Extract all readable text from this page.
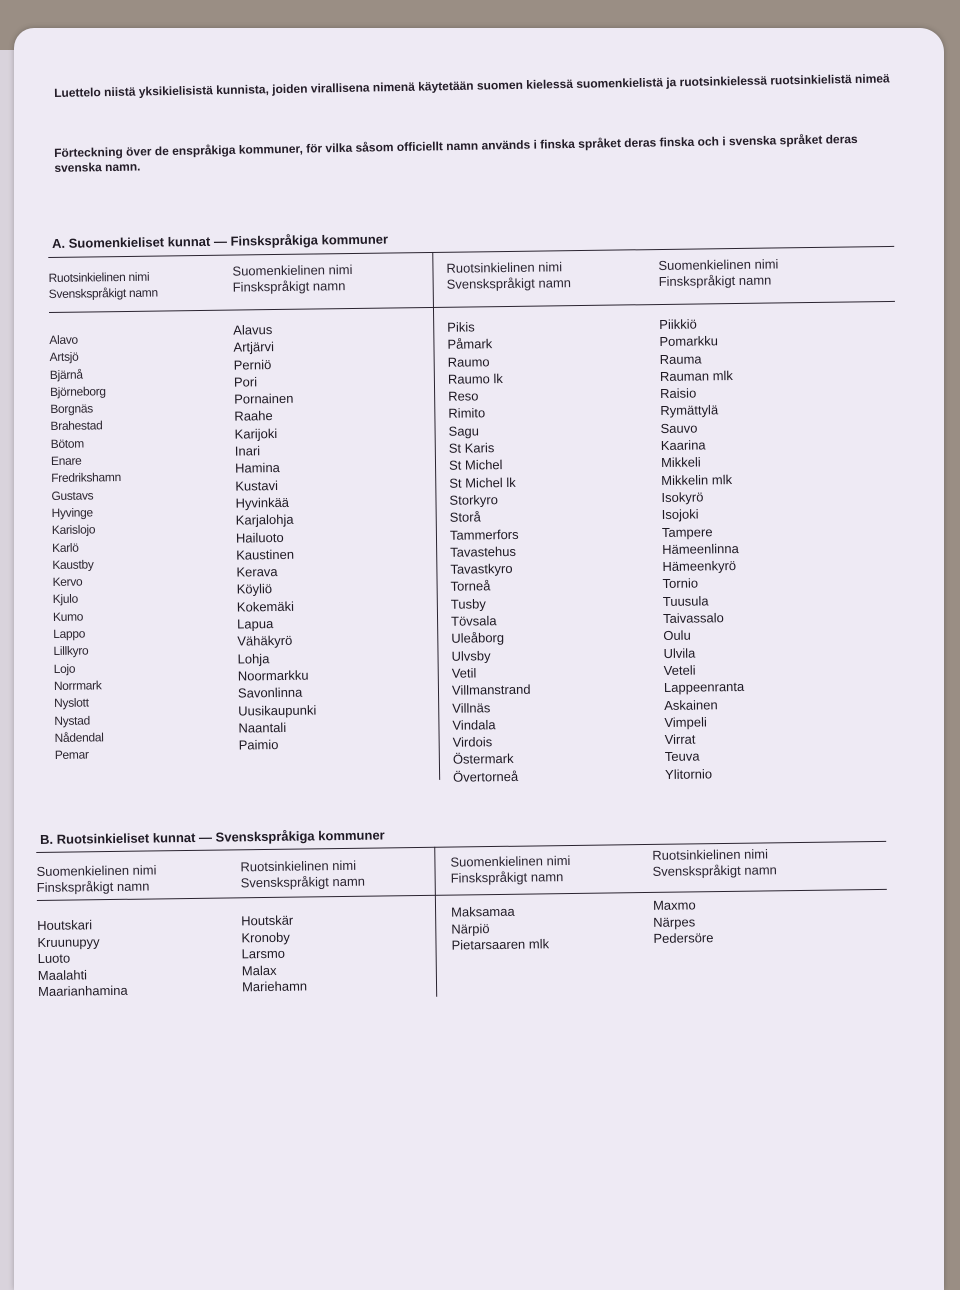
Luettelo niistä yksikielisistä kunnista, joiden virallisena nimenä käytetään suomen kielessä suomenkielistä ja ruotsinkielessä ruotsinkielistä nimeä
Förteckning över de enspråkiga kommuner, för vilka såsom officiellt namn används i finska språket deras finska och i svenska språket deras svenska namn.
A. Suomenkieliset kunnat — Finskspråkiga kommuner
Ruotsinkielinen nimi
Svenskspråkigt namn
Suomenkielinen nimi
Finskspråkigt namn
Ruotsinkielinen nimi
Svenskspråkigt namn
Suomenkielinen nimi
Finskspråkigt namn
Alavo
Artsjö
Bjärnå
Björneborg
Borgnäs
Brahestad
Bötom
Enare
Fredrikshamn
Gustavs
Hyvinge
Karislojo
Karlö
Kaustby
Kervo
Kjulo
Kumo
Lappo
Lillkyro
Lojo
Norrmark
Nyslott
Nystad
Nådendal
Pemar
Alavus
Artjärvi
Perniö
Pori
Pornainen
Raahe
Karijoki
Inari
Hamina
Kustavi
Hyvinkää
Karjalohja
Hailuoto
Kaustinen
Kerava
Köyliö
Kokemäki
Lapua
Vähäkyrö
Lohja
Noormarkku
Savonlinna
Uusikaupunki
Naantali
Paimio
Pikis
Påmark
Raumo
Raumo lk
Reso
Rimito
Sagu
St Karis
St Michel
St Michel lk
Storkyro
Storå
Tammerfors
Tavastehus
Tavastkyro
Torneå
Tusby
Tövsala
Uleåborg
Ulvsby
Vetil
Villmanstrand
Villnäs
Vindala
Virdois
Östermark
Övertorneå
Piikkiö
Pomarkku
Rauma
Rauman mlk
Raisio
Rymättylä
Sauvo
Kaarina
Mikkeli
Mikkelin mlk
Isokyrö
Isojoki
Tampere
Hämeenlinna
Hämeenkyrö
Tornio
Tuusula
Taivassalo
Oulu
Ulvila
Veteli
Lappeenranta
Askainen
Vimpeli
Virrat
Teuva
Ylitornio
B. Ruotsinkieliset kunnat — Svenskspråkiga kommuner
Suomenkielinen nimi
Finskspråkigt namn
Ruotsinkielinen nimi
Svenskspråkigt namn
Suomenkielinen nimi
Finskspråkigt namn
Ruotsinkielinen nimi
Svenskspråkigt namn
Houtskari
Kruunupyy
Luoto
Maalahti
Maarianhamina
Houtskär
Kronoby
Larsmo
Malax
Mariehamn
Maksamaa
Närpiö
Pietarsaaren mlk
Maxmo
Närpes
Pedersöre
